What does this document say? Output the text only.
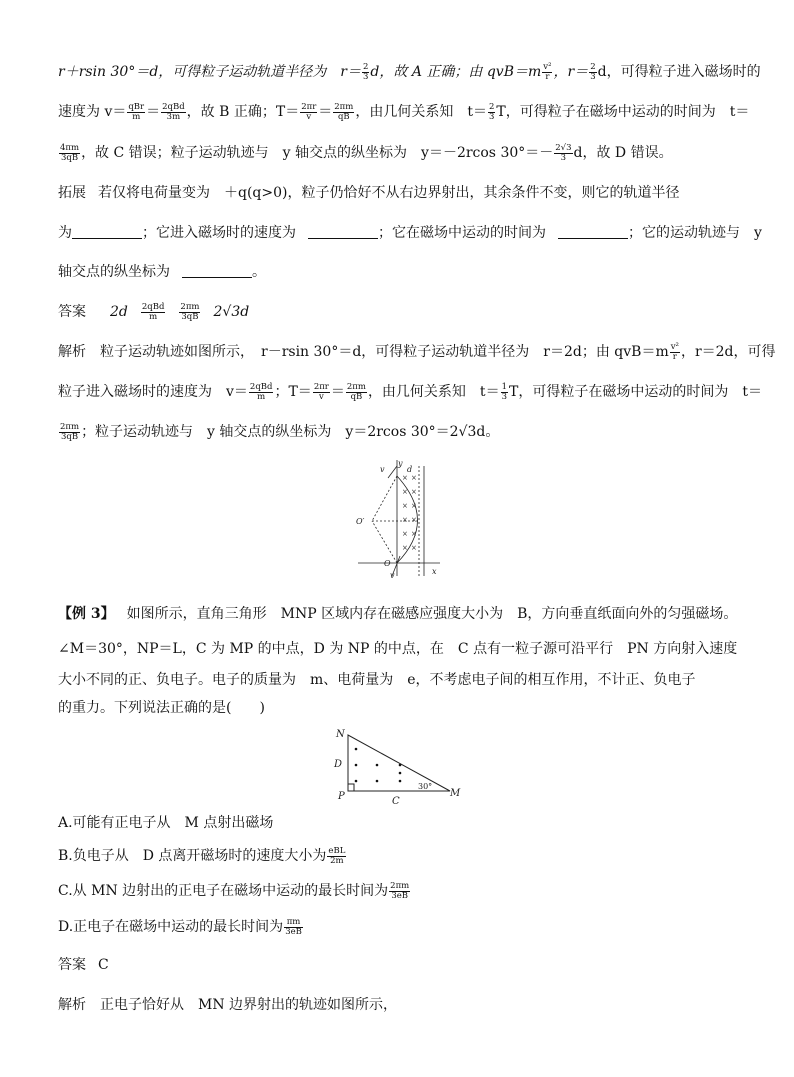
r＋rsin 30°＝d，可得粒子运动轨道半径为　$r= \frac{2}{3}$ d，故 A 正确；由 $qvB=m \frac{\text{v²}}{r}$ ，$r= \frac{2}{3}$ d，可得粒子进入磁场时的
速度为 $v= \frac{\text{qBr}}{m} = \frac{\text{2qBd}}{3m}$ ，故 B 正确；$T= \frac{2\pi r}{v} = \frac{2\pi m}{qB}$ ，由几何关系知　$t= \frac{2}{3}$ T，可得粒子在磁场中运动的时间为　t＝
$\frac{4\pi m}{3qB}$ ，故 C 错误；粒子运动轨迹与　y 轴交点的纵坐标为　y＝－2rcos $30^\circ=- \frac{2√3}{3}$ d，故 D 错误。
拓展 若仅将电荷量变为　＋q(q>0)，粒子仍恰好不从右边界射出，其余条件不变，则它的轨道半径
为	；它进入磁场时的速度为	；它在磁场中运动的时间为	；它的运动轨迹与　y
轴交点的纵坐标为	。
答案 $2d \frac{\text{2qBd}}{m} \frac{2\pi m}{3qB} 2√3d$
解析　粒子运动轨迹如图所示，　r－rsin 30°＝d，可得粒子运动轨道半径为　r＝2d；由 $qvB=m \frac{\text{v²}}{r}$ ，r＝2d，可得
粒子进入磁场时的速度为　$v= \frac{\text{2qBd}}{m}$ ；$T= \frac{2\pi r}{v} = \frac{2\pi m}{qB}$ ，由几何关系知　$t= \frac{1}{3}$ T，可得粒子在磁场中运动的时间为　t＝
$\frac{2\pi m}{3qB}$ ；粒子运动轨迹与　y 轴交点的纵坐标为　y＝2rcos 30°＝2√3d。
v
y
d
O′
O
v	x
× ×
× ×
× ×
× ×
× ×
× ×
【例 3】 如图所示，直角三角形　MNP 区域内存在磁感应强度大小为　B，方向垂直纸面向外的匀强磁场。
∠M＝30°，NP＝L，C 为 MP 的中点，D 为 NP 的中点，在　C 点有一粒子源可沿平行　PN 方向射入速度
大小不同的正、负电子。电子的质量为　m、电荷量为　e，不考虑电子间的相互作用，不计正、负电子
的重力。下列说法正确的是(　　)
N
D
P	C
M
30°
A.可能有正电子从　M 点射出磁场
B.负电子从　D 点离开磁场时的速度大小为 $\frac{\text{eBL}}{2m}$
C.从 MN 边射出的正电子在磁场中运动的最长时间为 $\frac{2\pi m}{3eB}$
D.正电子在磁场中运动的最长时间为 $\frac{\pi m}{3eB}$
答案 C
解析　正电子恰好从　MN 边界射出的轨迹如图所示，
